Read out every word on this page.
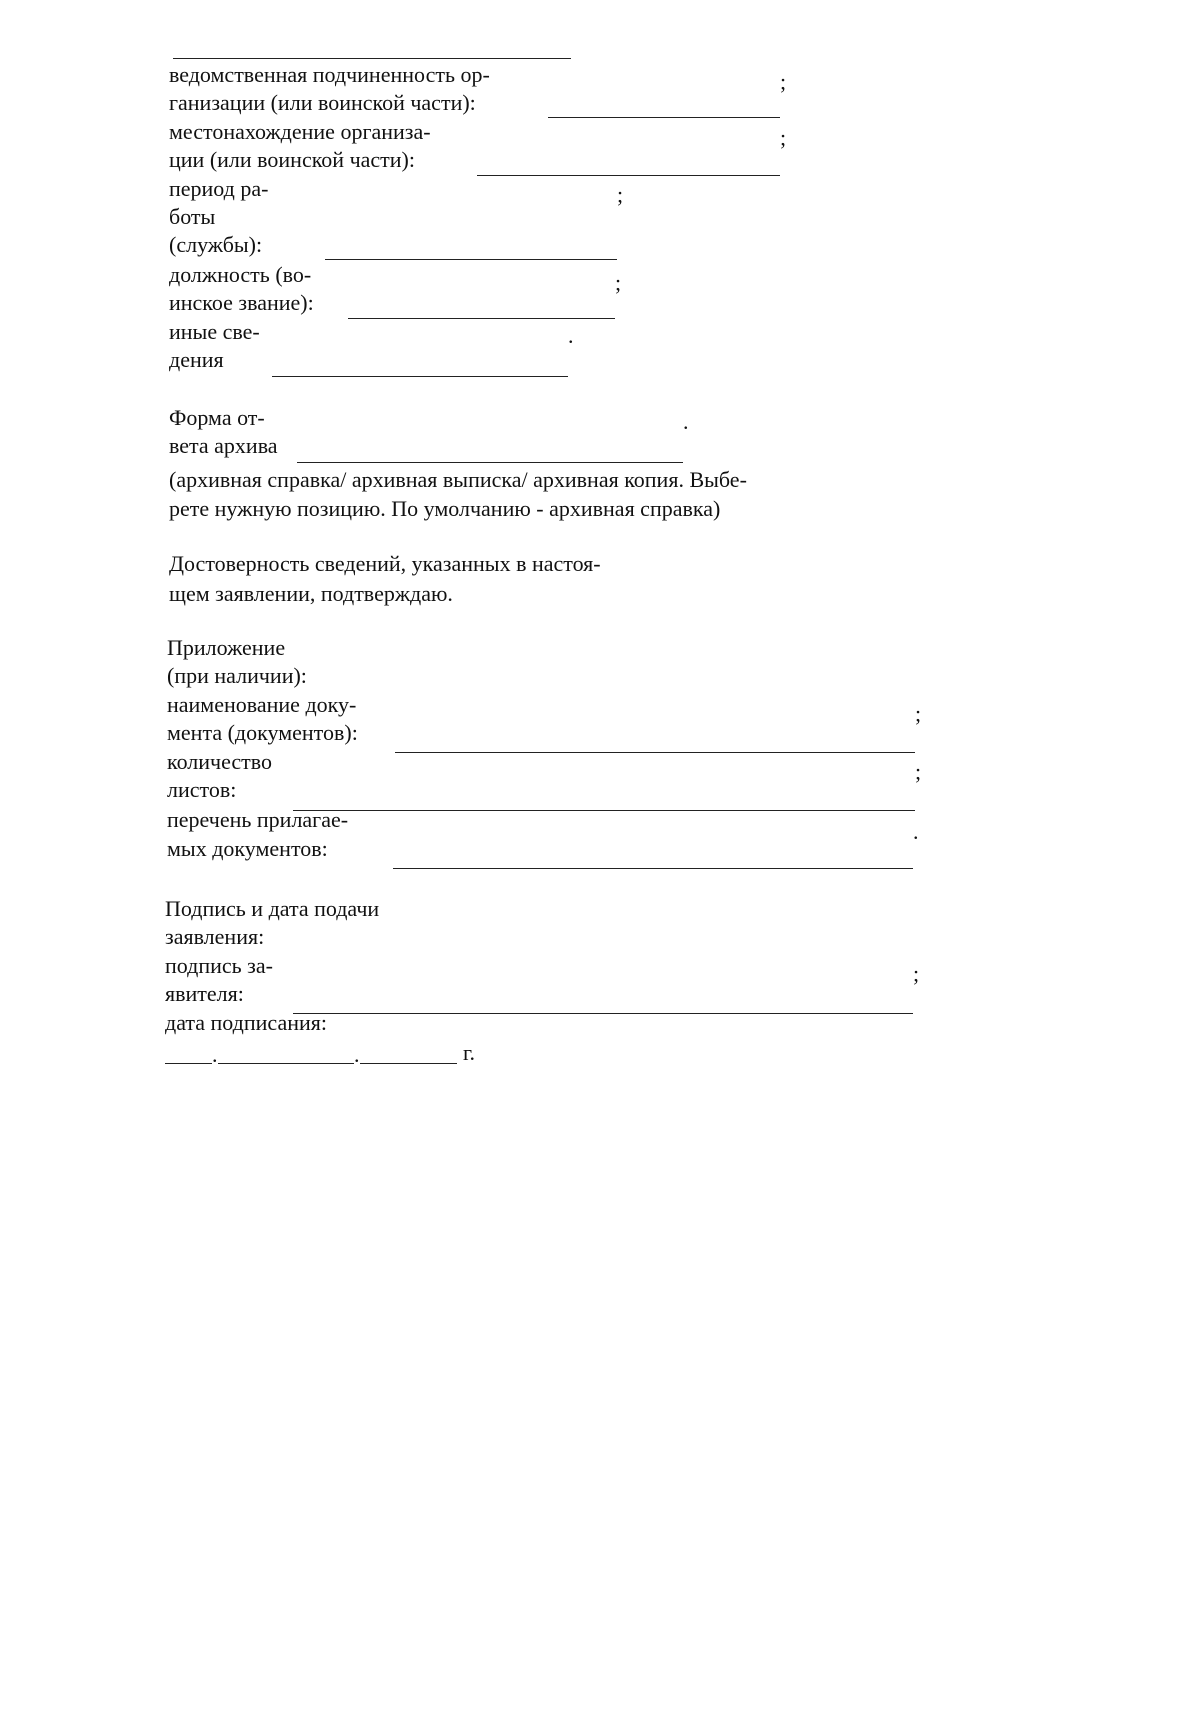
ведомственная подчиненность ор-	;
ганизации (или воинской части):
местонахождение организа-	;
ции (или воинской части):
период ра-	;
боты
(службы):
должность (во-	;
инское звание):
иные све-	.
дения
Форма от-	.
вета архива
(архивная справка/ архивная выписка/ архивная копия. Выбе-
рете нужную позицию. По умолчанию - архивная справка)
Достоверность сведений, указанных в настоя-
щем заявлении, подтверждаю.
Приложение
(при наличии):
наименование доку-	;
мента (документов):
количество	;
листов:
перечень прилагае-	.
мых документов:
Подпись и дата подачи
заявления:
подпись за-	;
явителя:
дата подписания:
.	.	г.
